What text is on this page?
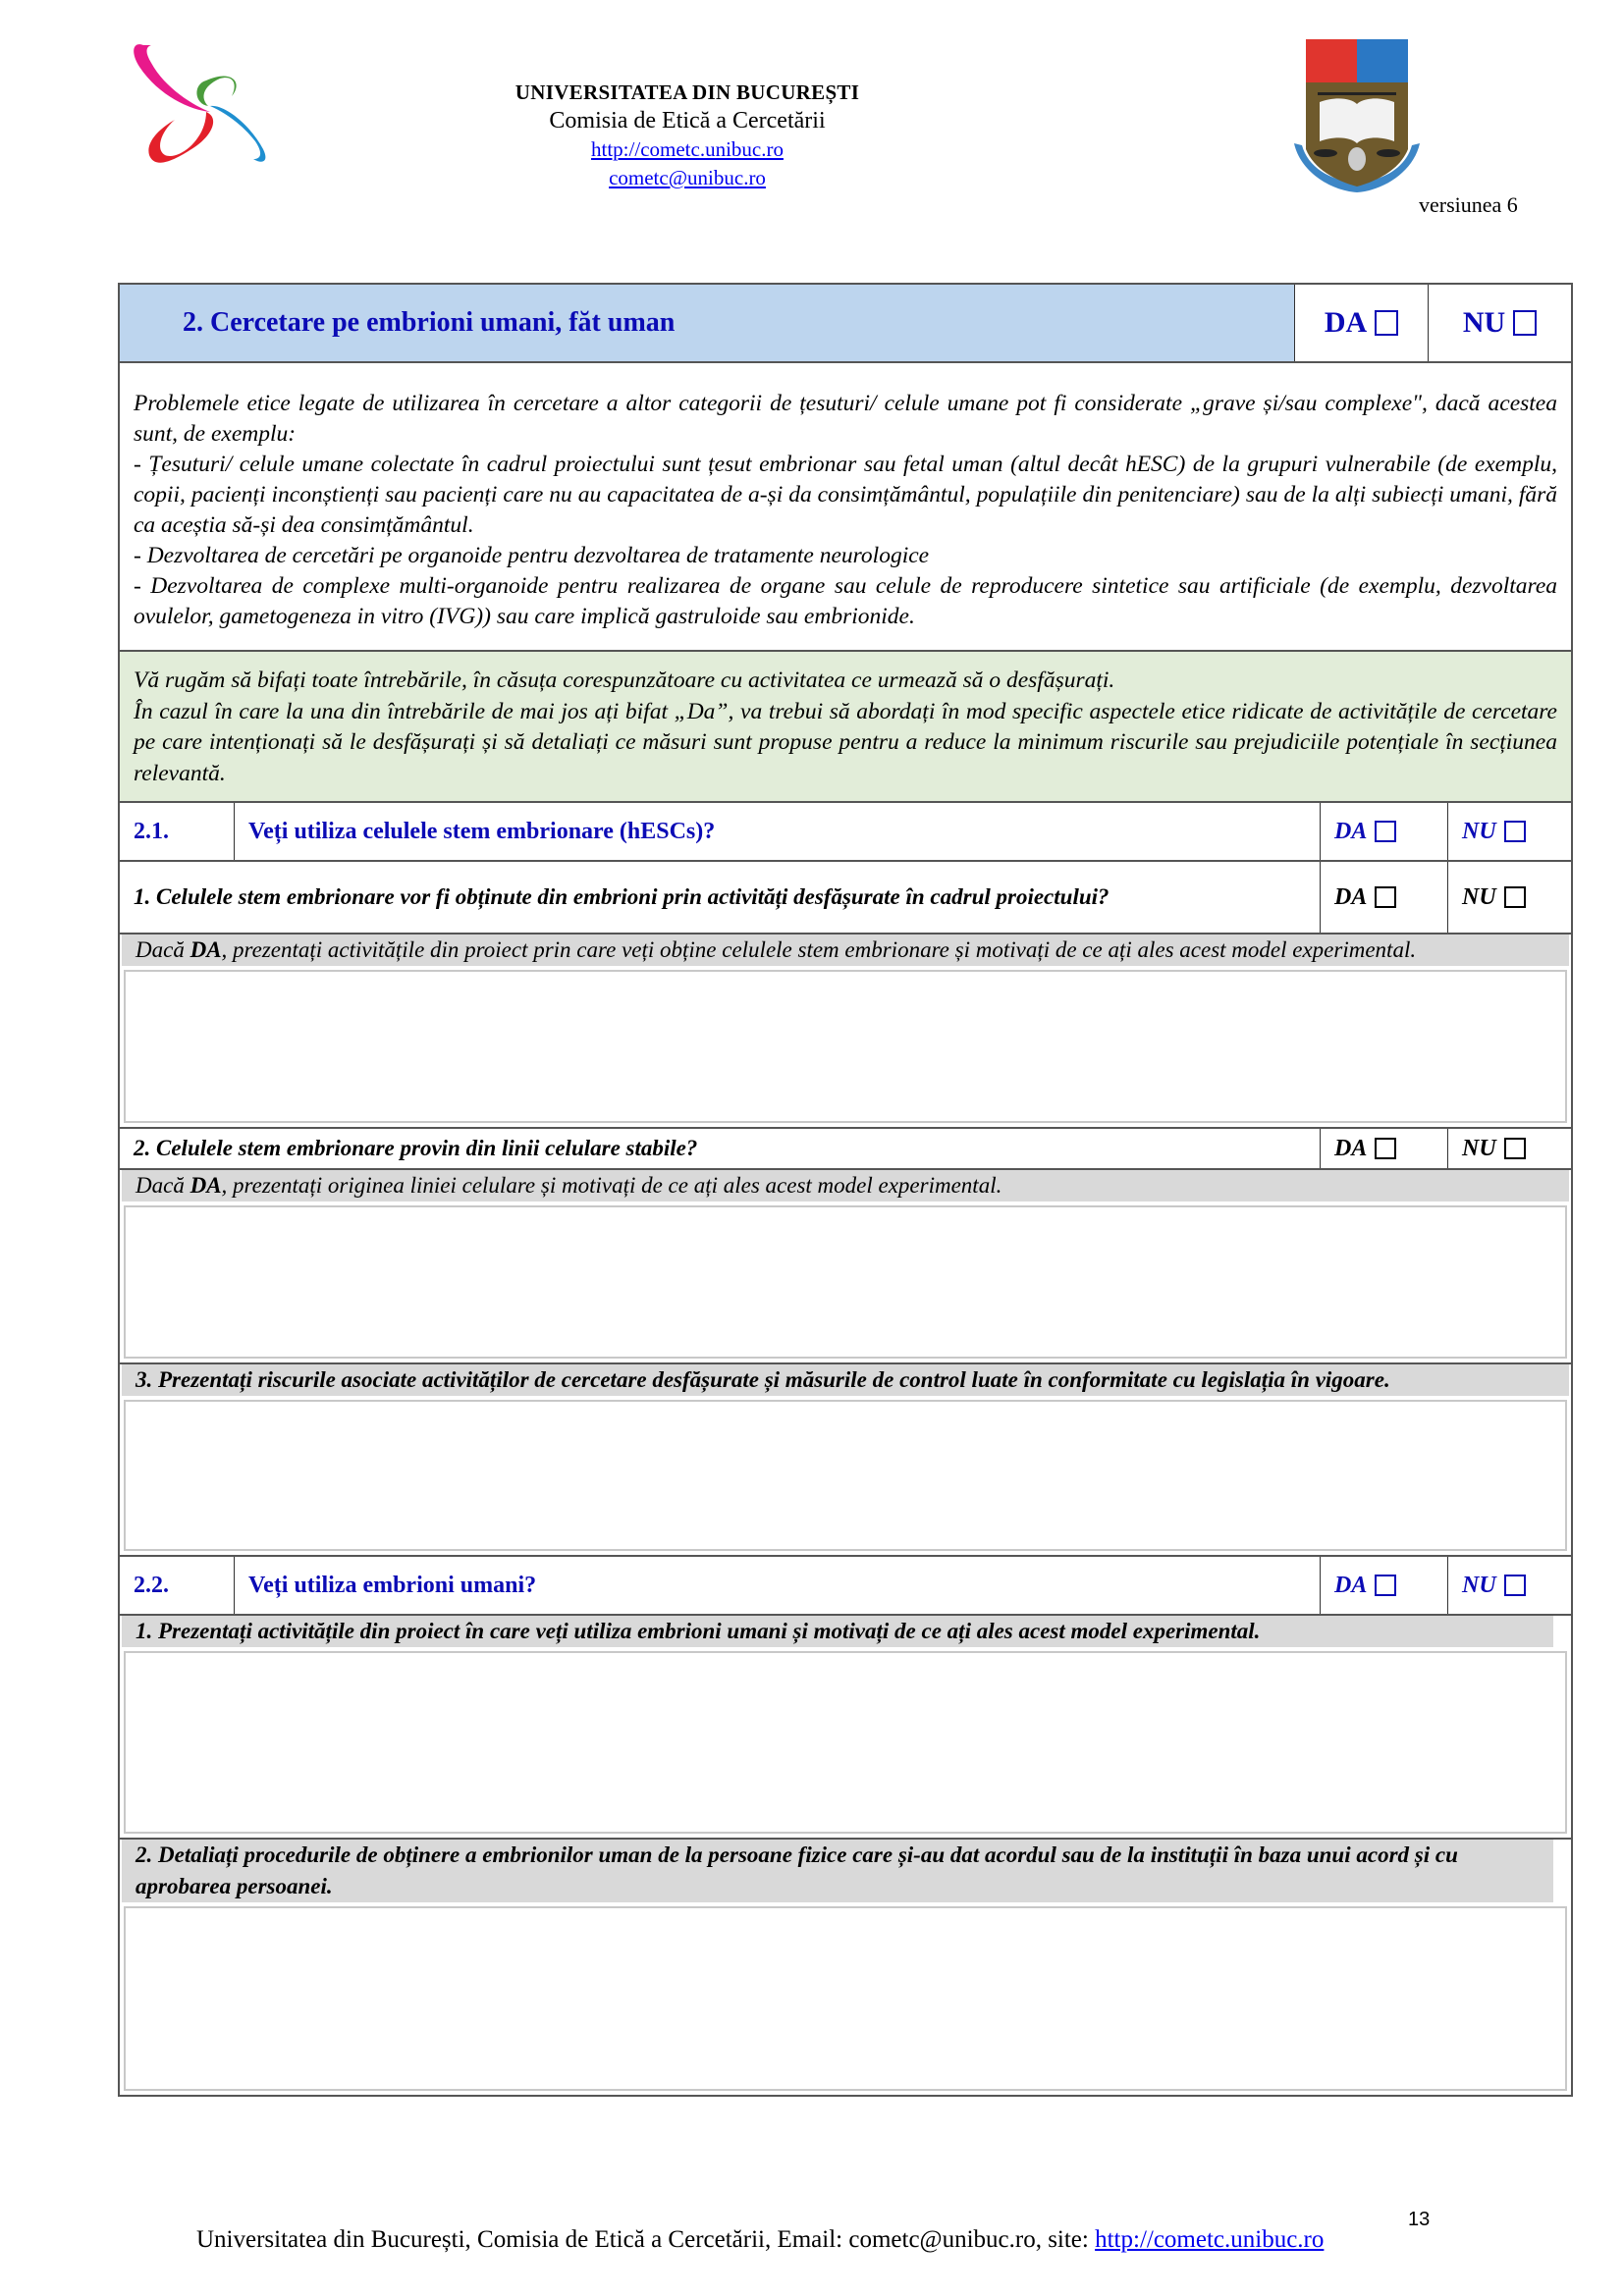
UNIVERSITATEA DIN BUCUREȘTI
Comisia de Etică a Cercetării
http://cometc.unibuc.ro
cometc@unibuc.ro
versiunea 6
2. Cercetare pe embrioni umani, făt uman	DA	NU

Problemele etice legate de utilizarea în cercetare a altor categorii de țesuturi/ celule umane pot fi considerate „grave și/sau complexe", dacă acestea sunt, de exemplu:

- Țesuturi/ celule umane colectate în cadrul proiectului sunt țesut embrionar sau fetal uman (altul decât hESC) de la grupuri vulnerabile (de exemplu, copii, pacienți inconștienți sau pacienți care nu au capacitatea de a-și da consimțământul, populațiile din penitenciare) sau de la alți subiecți umani, fără ca aceștia să-și dea consimțământul.

- Dezvoltarea de cercetări pe organoide pentru dezvoltarea de tratamente neurologice

- Dezvoltarea de complexe multi-organoide pentru realizarea de organe sau celule de reproducere sintetice sau artificiale (de exemplu, dezvoltarea ovulelor, gametogeneza in vitro (IVG)) sau care implică gastruloide sau embrionide.

Vă rugăm să bifați toate întrebările, în căsuța corespunzătoare cu activitatea ce urmează să o desfășurați.

În cazul în care la una din întrebările de mai jos ați bifat „Da”, va trebui să abordați în mod specific aspectele etice ridicate de activitățile de cercetare pe care intenționați să le desfășurați și să detaliați ce măsuri sunt propuse pentru a reduce la minimum riscurile sau prejudiciile potențiale în secțiunea relevantă.

2.1.	Veți utiliza celulele stem embrionare (hESCs)?	DA	NU
1. Celulele stem embrionare vor fi obținute din embrioni prin activități desfășurate în cadrul proiectului?	DA	NU
Dacă DA, prezentați activitățile din proiect prin care veți obține celulele stem embrionare și motivați de ce ați ales acest model experimental.
2. Celulele stem embrionare provin din linii celulare stabile?	DA	NU
Dacă DA, prezentați originea liniei celulare și motivați de ce ați ales acest model experimental.
3. Prezentați riscurile asociate activităților de cercetare desfășurate și măsurile de control luate în conformitate cu legislația în vigoare.
2.2.	Veți utiliza embrioni umani?	DA	NU
1. Prezentați activitățile din proiect în care veți utiliza embrioni umani și motivați de ce ați ales acest model experimental.
2. Detaliați procedurile de obținere a embrionilor uman de la persoane fizice care și-au dat acordul sau de la instituții în baza unui acord și cu aprobarea persoanei.
13
Universitatea din București, Comisia de Etică a Cercetării, Email: cometc@unibuc.ro, site: http://cometc.unibuc.ro
